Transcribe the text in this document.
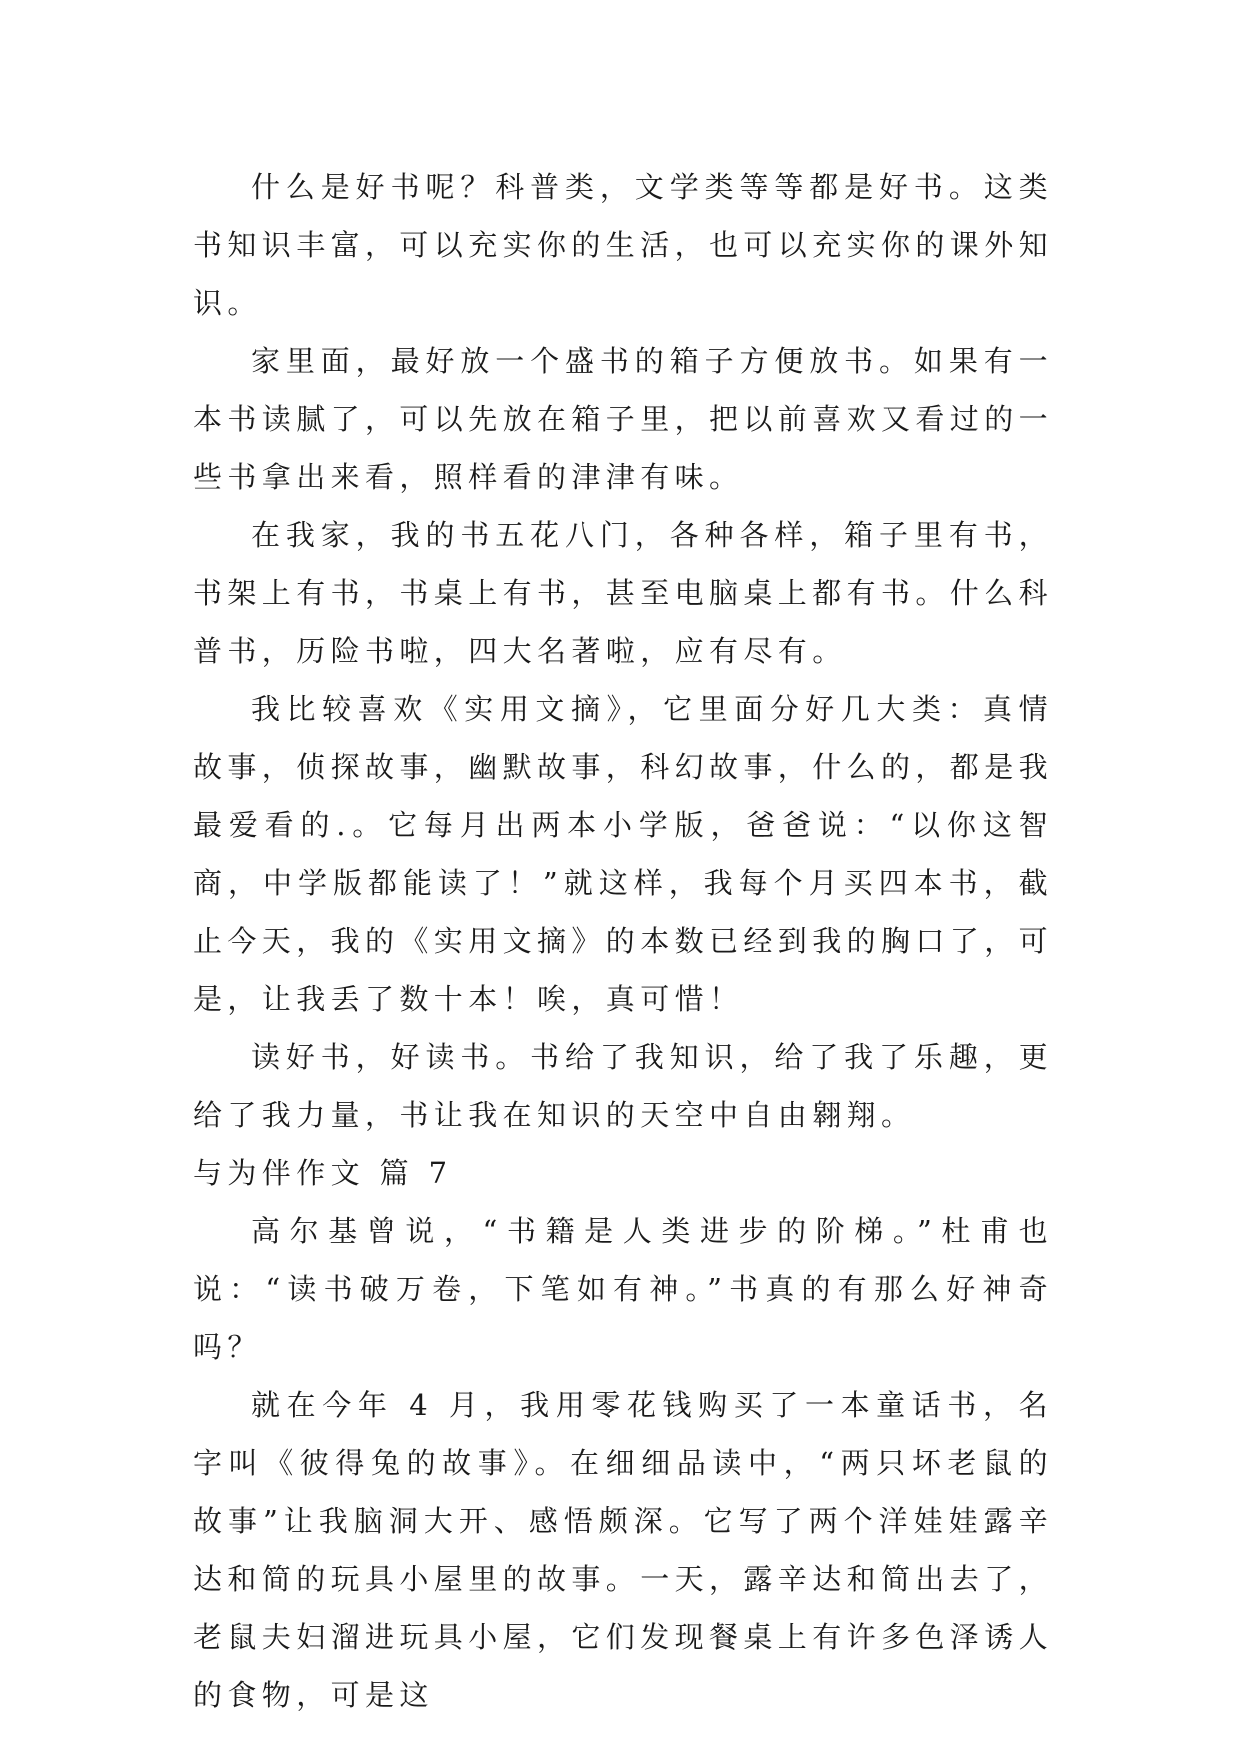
什么是好书呢？科普类，文学类等等都是好书。这类书知识丰富，可以充实你的生活，也可以充实你的课外知识。

家里面，最好放一个盛书的箱子方便放书。如果有一本书读腻了，可以先放在箱子里，把以前喜欢又看过的一些书拿出来看，照样看的津津有味。

在我家，我的书五花八门，各种各样，箱子里有书，书架上有书，书桌上有书，甚至电脑桌上都有书。什么科普书，历险书啦，四大名著啦，应有尽有。

我比较喜欢《实用文摘》，它里面分好几大类：真情故事，侦探故事，幽默故事，科幻故事，什么的，都是我最爱看的.。它每月出两本小学版，爸爸说：“以你这智商，中学版都能读了！”就这样，我每个月买四本书，截止今天，我的《实用文摘》的本数已经到我的胸口了，可是，让我丢了数十本！唉，真可惜！

读好书，好读书。书给了我知识，给了我了乐趣，更给了我力量，书让我在知识的天空中自由翱翔。

与为伴作文 篇 7

高尔基曾说，“书籍是人类进步的阶梯。”杜甫也说：“读书破万卷，下笔如有神。”书真的有那么好神奇吗？

就在今年 4 月，我用零花钱购买了一本童话书，名字叫《彼得兔的故事》。在细细品读中，“两只坏老鼠的故事”让我脑洞大开、感悟颇深。它写了两个洋娃娃露辛达和简的玩具小屋里的故事。一天，露辛达和简出去了，老鼠夫妇溜进玩具小屋，它们发现餐桌上有许多色泽诱人的食物，可是这
